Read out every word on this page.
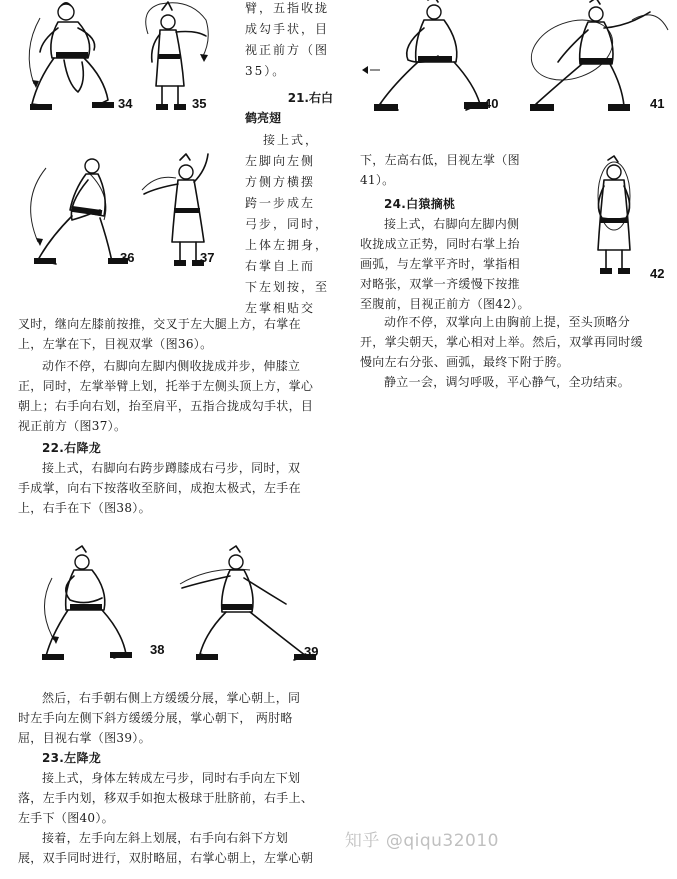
34	35
36	37

臂，五指收拢

成勾手状，目

视正前方（图

35）。

21.右白

鹤亮翅

接上式，

左脚向左侧

方侧方横摆

跨一步成左

弓步，同时，

上体左拥身，

右掌自上而

下左划按，至

左掌相贴交

叉时，继向左膝前按推，交叉于左大腿上方，右掌在

上，左掌在下，目视双掌（图36）。

动作不停，右脚向左脚内侧收拢成并步，伸膝立

正，同时，左掌举臂上划，托举于左侧头顶上方，掌心

朝上；右手向右划，抬至肩平，五指合拢成勾手状，目

视正前方（图37）。

22.右降龙

接上式，右脚向右跨步蹲膝成右弓步，同时，双

手成掌，向右下按落收至脐间，成抱太极式，左手在

上，右手在下（图38）。

38	39

然后，右手朝右侧上方缓缓分展，掌心朝上，同

时左手向左侧下斜方缓缓分展，掌心朝下， 两肘略

屈，目视右掌（图39）。

23.左降龙

接上式，身体左转成左弓步，同时右手向左下划

落，左手内划，移双手如抱太极球于肚脐前，右手上、

左手下（图40）。

接着，左手向左斜上划展，右手向右斜下方划

展，双手同时进行，双肘略屈，右掌心朝上，左掌心朝

40	41

下，左高右低，目视左掌（图

41）。

24.白猿摘桃

接上式，右脚向左脚内侧

收拢成立正势，同时右掌上抬

画弧，与左掌平齐时，掌指相

对略张，双掌一齐缓慢下按推

至腹前，目视正前方（图42）。

42

动作不停，双掌向上由胸前上提，至头顶略分

开，掌尖朝天，掌心相对上举。然后，双掌再同时缓

慢向左右分张、画弧，最终下附于胯。

静立一会，调匀呼吸，平心静气，全功结束。

知乎 @qiqu32010
